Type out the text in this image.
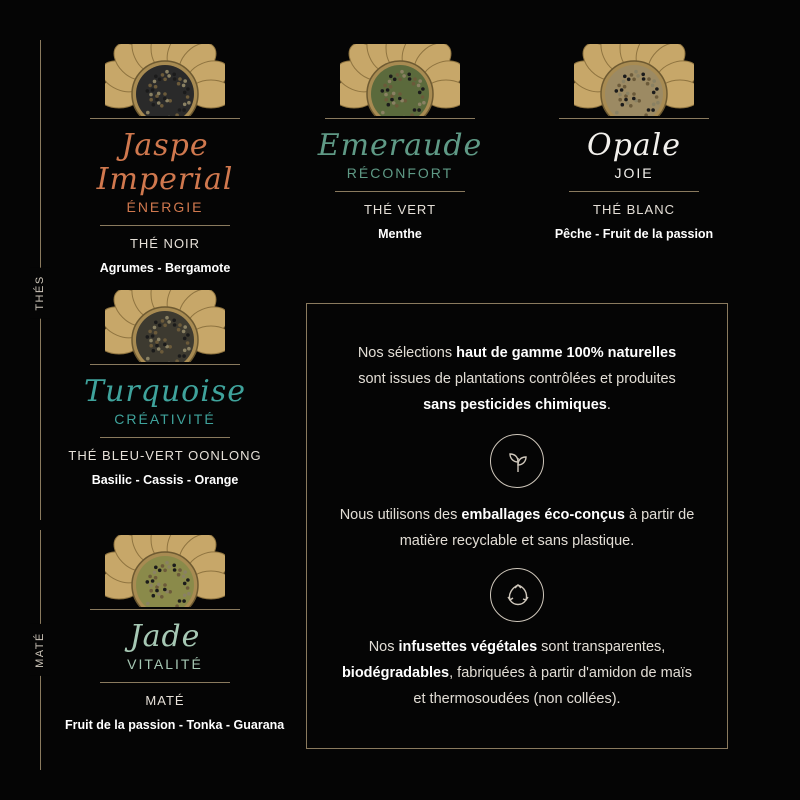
THÉS
MATÉ
Jaspe Imperial
ÉNERGIE
THÉ NOIR
Agrumes - Bergamote
Emeraude
RÉCONFORT
THÉ VERT
Menthe
Opale
JOIE
THÉ BLANC
Pêche - Fruit de la passion
Turquoise
CRÉATIVITÉ
THÉ BLEU-VERT OONLONG
Basilic - Cassis - Orange
Jade
VITALITÉ
MATÉ
Fruit de la passion - Tonka - Guarana
Nos sélections haut de gamme 100% naturelles sont issues de plantations contrôlées et produites sans pesticides chimiques.
Nous utilisons des emballages éco-conçus à partir de matière recyclable et sans plastique.
Nos infusettes végétales sont transparentes, biodégradables, fabriquées à partir d'amidon de maïs et thermosoudées (non collées).
